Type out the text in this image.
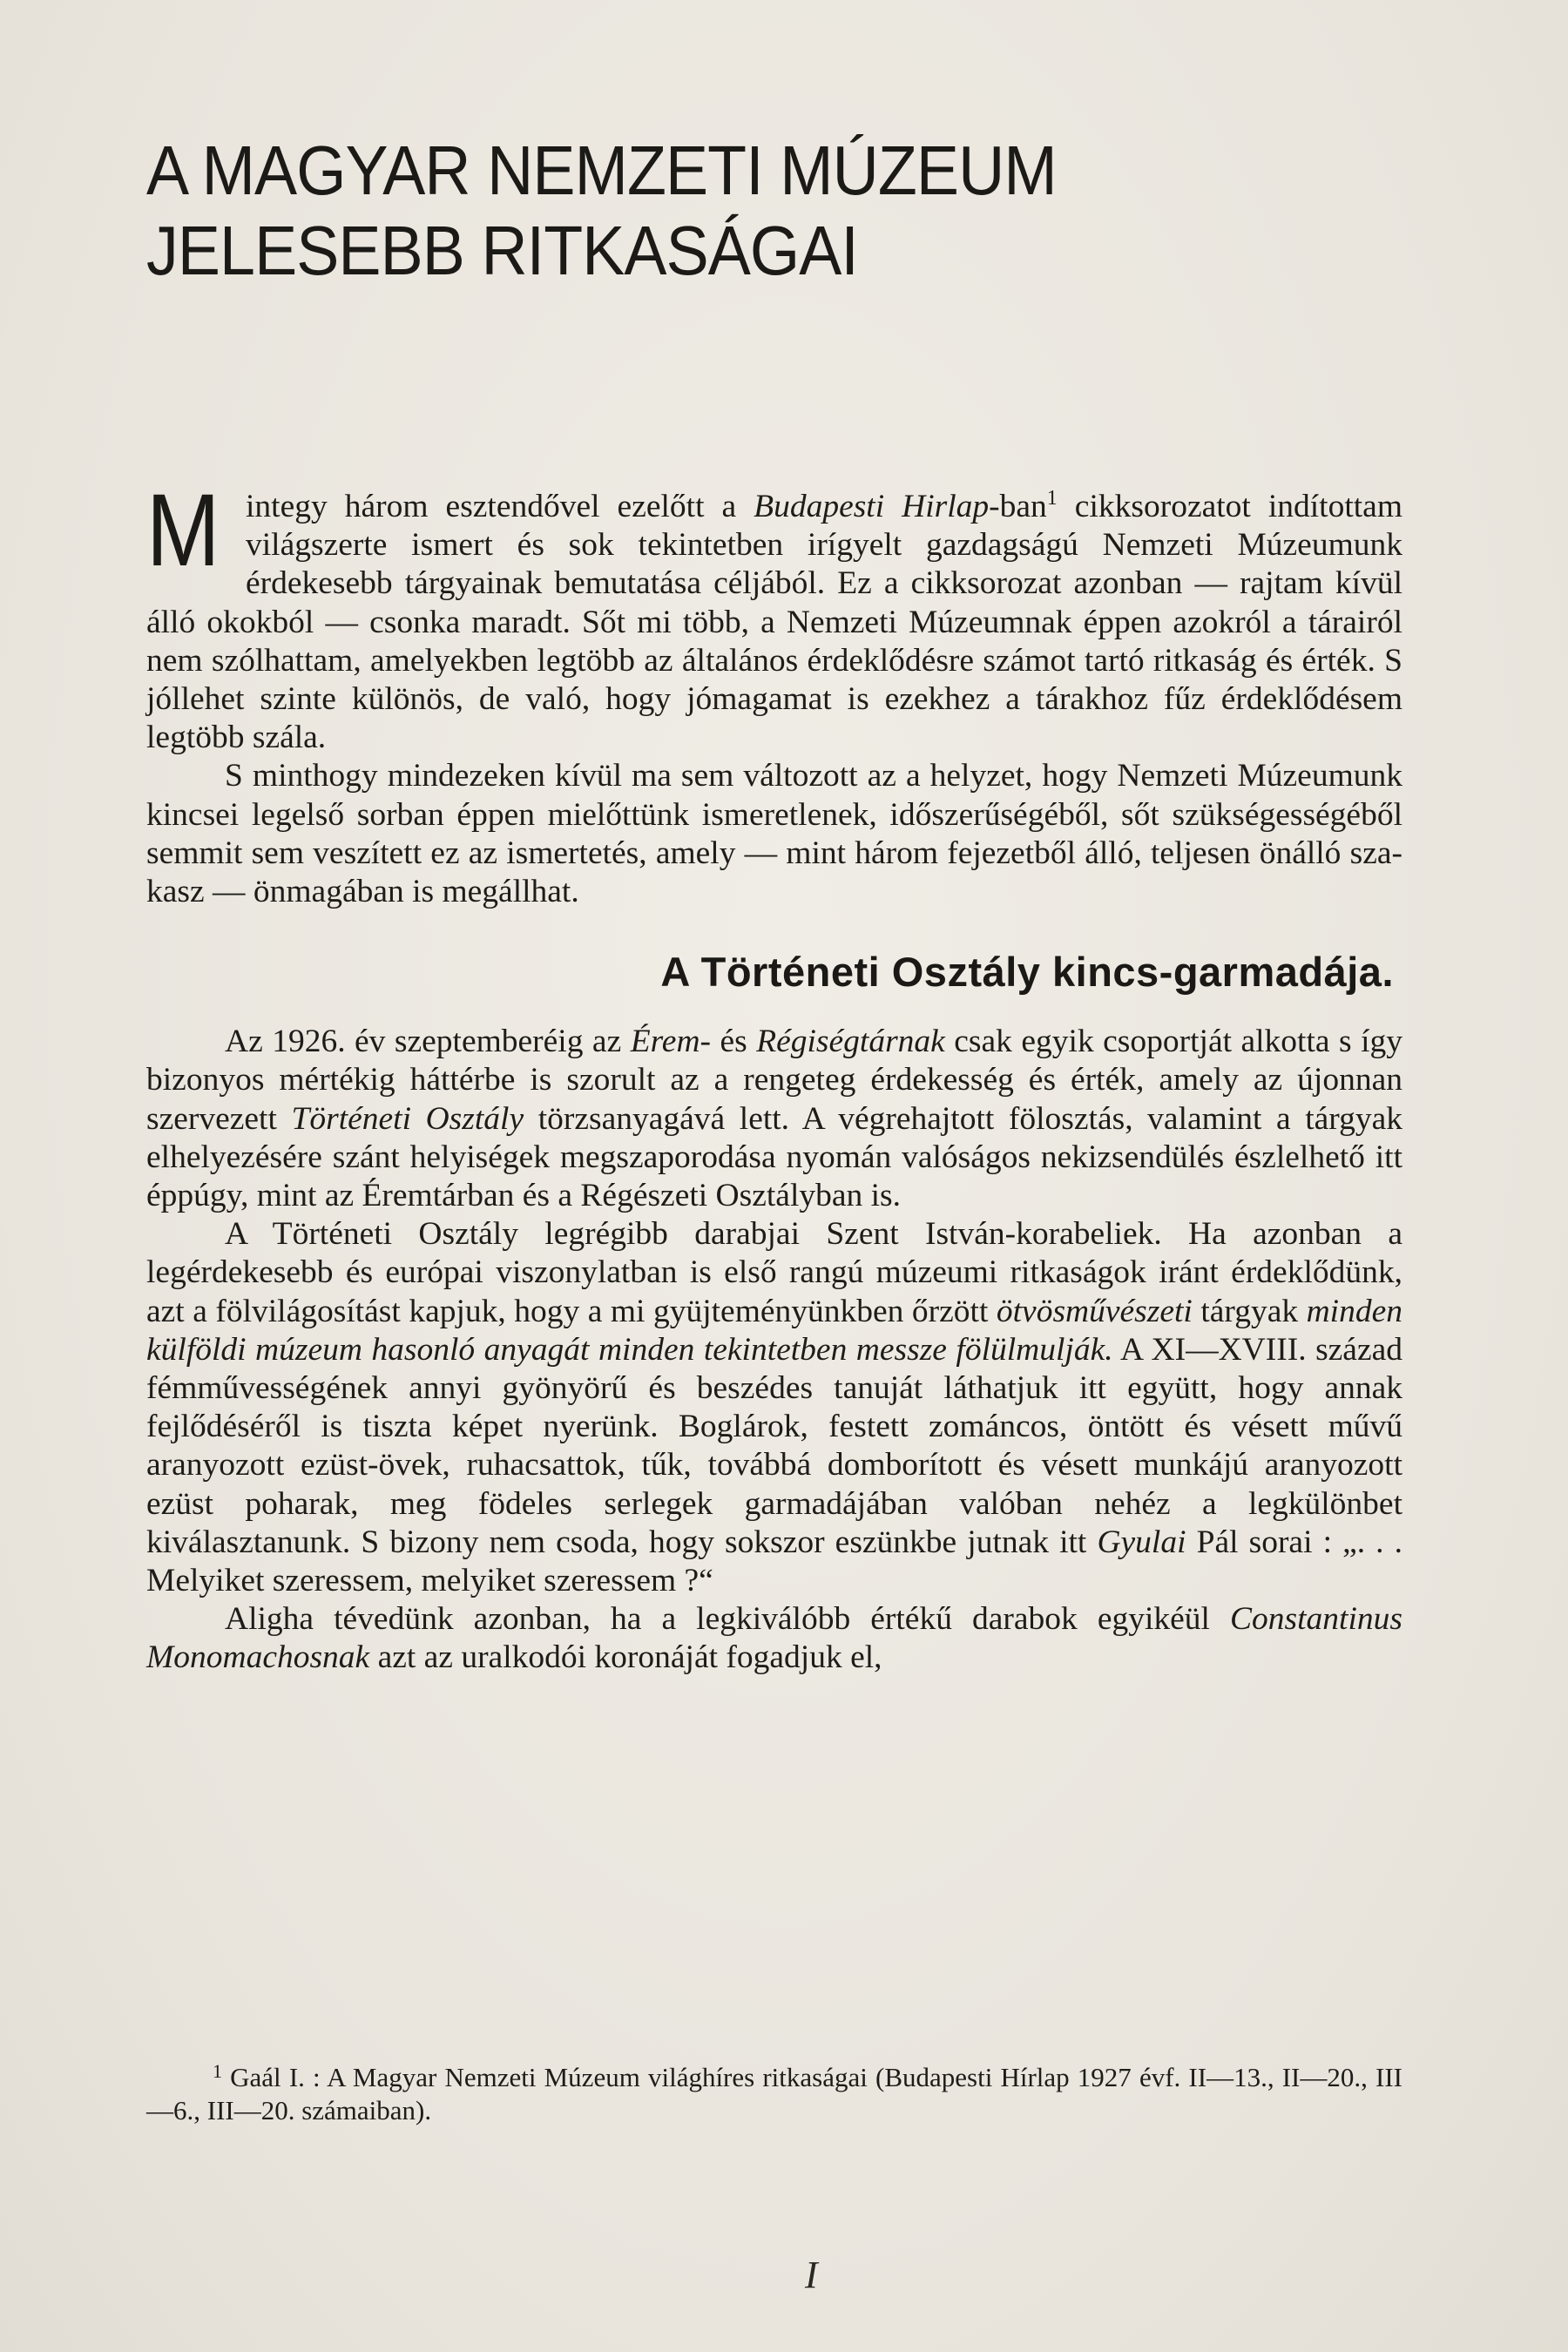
A MAGYAR NEMZETI MÚZEUM
JELESEBB RITKASÁGAI

Mintegy három esztendővel ezelőtt a Budapesti Hirlap-ban$^1$ cikksorozatot indítottam világszerte ismert és sok tekintetben irígyelt gazdagságú Nemzeti Múzeumunk érdekesebb tárgyainak bemutatása céljából. Ez a cikksorozat azonban — rajtam kívül álló okokból — csonka maradt. Sőt mi több, a Nemzeti Múzeumnak éppen azokról a tárairól nem szólhattam, amelyekben legtöbb az általános érdeklődésre számot tartó ritkaság és érték. S jóllehet szinte különös, de való, hogy jómagamat is ezekhez a tárakhoz fűz érdeklődésem legtöbb szála.

S minthogy mindezeken kívül ma sem változott az a helyzet, hogy Nemzeti Múzeumunk kincsei legelső sorban éppen mielőttünk ismeretlenek, időszerűségéből, sőt szükségességéből semmit sem veszített ez az ismertetés, amely — mint három fejezetből álló, teljesen önálló szakasz — önmagában is megállhat.

A Történeti Osztály kincs-garmadája.

Az 1926. év szeptemberéig az Érem- és Régiségtárnak csak egyik csoportját alkotta s így bizonyos mértékig háttérbe is szorult az a rengeteg érdekesség és érték, amely az újonnan szervezett Történeti Osztály törzsanyagává lett. A végrehajtott fölosztás, valamint a tárgyak elhelyezésére szánt helyiségek megszaporodása nyomán valóságos nekizsendülés észlelhető itt éppúgy, mint az Éremtárban és a Régészeti Osztályban is.

A Történeti Osztály legrégibb darabjai Szent István-korabeliek. Ha azonban a legérdekesebb és európai viszonylatban is első rangú múzeumi ritkaságok iránt érdeklődünk, azt a fölvilágosítást kapjuk, hogy a mi gyüjteményünkben őrzött ötvösművészeti tárgyak minden külföldi múzeum hasonló anyagát minden tekintetben messze fölülmulják. A XI—XVIII. század fémművességének annyi gyönyörű és beszédes tanuját láthatjuk itt együtt, hogy annak fejlődéséről is tiszta képet nyerünk. Boglárok, festett zománcos, öntött és vésett művű aranyozott ezüst-övek, ruhacsattok, tűk, továbbá domborított és vésett munkájú aranyozott ezüst poharak, meg födeles serlegek garmadájában valóban nehéz a legkülönbet kiválasztanunk. S bizony nem csoda, hogy sokszor eszünkbe jutnak itt Gyulai Pál sorai : „. . . Melyiket szeressem, melyiket szeressem ?“

Aligha tévedünk azonban, ha a legkiválóbb értékű darabok egyikéül Constantinus Monomachosnak azt az uralkodói koronáját fogadjuk el,

$^1$ Gaál I. : A Magyar Nemzeti Múzeum világhíres ritkaságai (Budapesti Hírlap 1927 évf. II—13., II—20., III—6., III—20. számaiban).
I
